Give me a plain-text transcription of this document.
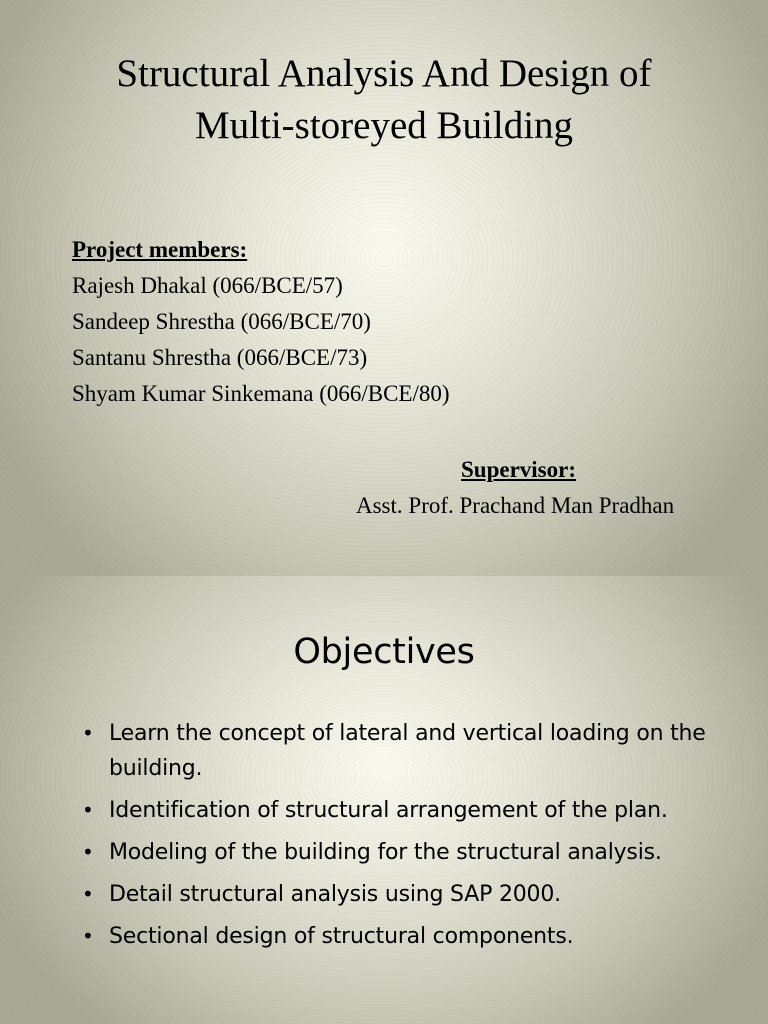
Structural Analysis And Design of
Multi-storeyed Building
Project members:
Rajesh Dhakal (066/BCE/57)
Sandeep Shrestha (066/BCE/70)
Santanu Shrestha (066/BCE/73)
Shyam Kumar Sinkemana (066/BCE/80)
Supervisor:
Asst. Prof. Prachand Man Pradhan
Objectives
• Learn the concept of lateral and vertical loading on the building.
• Identification of structural arrangement of the plan.
• Modeling of the building for the structural analysis.
• Detail structural analysis using SAP 2000.
• Sectional design of structural components.
